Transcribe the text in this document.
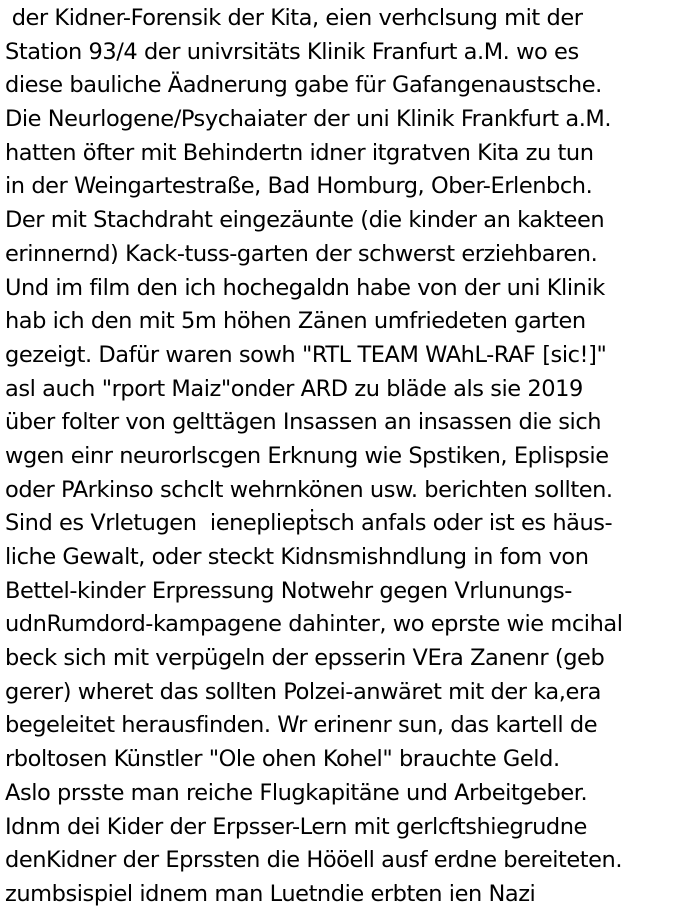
der Kidner-Forensik der Kita, eien verhclsung mit der
Station 93/4 der univrsitäts Klinik Franfurt a.M. wo es
diese bauliche Äadnerung gabe für Gafangenaustsche.
Die Neurlogene/Psychaiater der uni Klinik Frankfurt a.M.
hatten öfter mit Behindertn idner itgratven Kita zu tun
in der Weingartestraße, Bad Homburg, Ober-Erlenbch.
Der mit Stachdraht eingezäunte (die kinder an kakteen
erinnernd) Kack-tuss-garten der schwerst erziehbaren.
Und im film den ich hochegaldn habe von der uni Klinik
hab ich den mit 5m höhen Zänen umfriedeten garten
gezeigt. Dafür waren sowh "RTL TEAM WAhL-RAF [sic!]"
asl auch "rport Maiz"onder ARD zu bläde als sie 2019
über folter von gelttägen Insassen an insassen die sich
wgen einr neurorlscgen Erknung wie Spstiken, Eplispsie
oder PArkinso schclt wehrnkönen usw. berichten sollten.
Sind es Vrletugen  ienepliepṫsch anfals oder ist es häus-
liche Gewalt, oder steckt Kidnsmishndlung in fom von
Bettel-kinder Erpressung Notwehr gegen Vrlunungs-
udnRumdord-kampagene dahinter, wo eprste wie mcihal
beck sich mit verpügeln der epsserin VEra Zanenr (geb
gerer) wheret das sollten Polzei-anwäret mit der ka,era
begeleitet herausfinden. Wr erinenr sun, das kartell de
rboltosen Künstler "Ole ohen Kohel" brauchte Geld.
Aslo prsste man reiche Flugkapitäne und Arbeitgeber.
Idnm dei Kider der Erpsser-Lern mit gerlcftshiegrudne
denKidner der Eprssten die Hööell ausf erdne bereiteten.
zumbsispiel idnem man Luetndie erbten ien Nazi
